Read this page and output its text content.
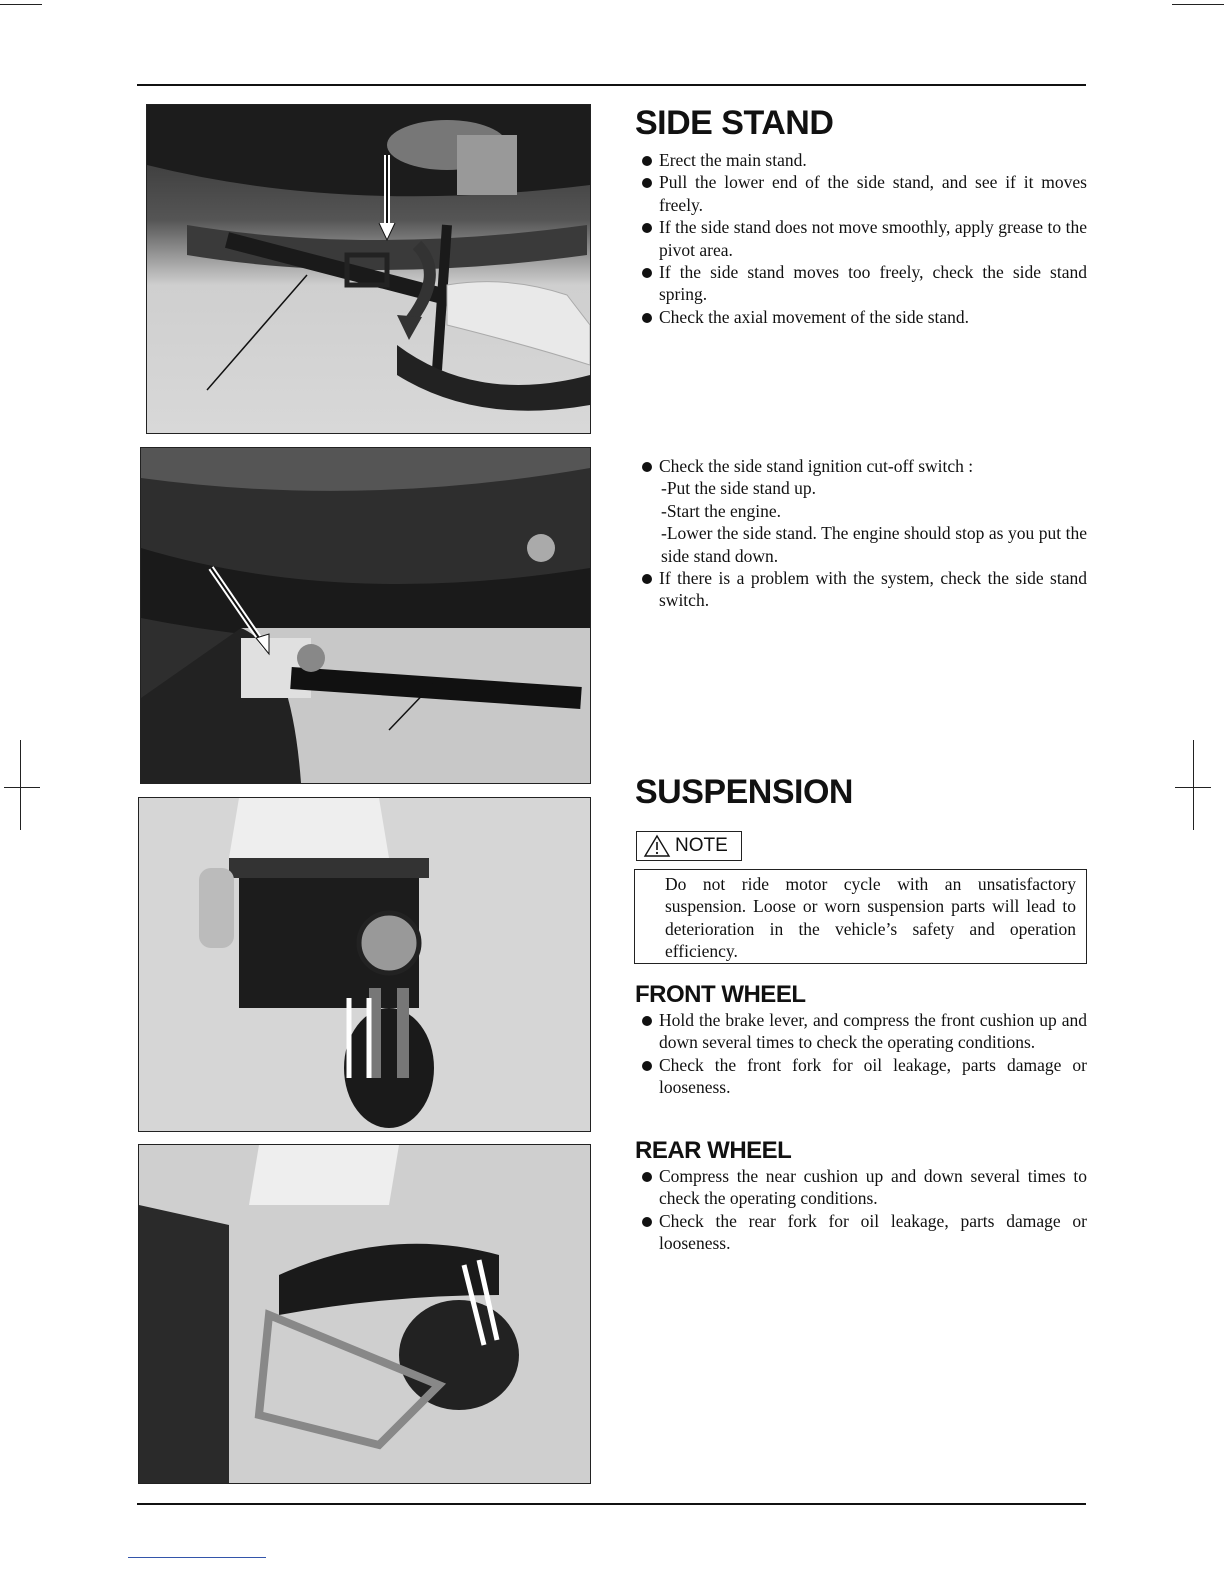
SIDE STAND
Erect the main stand.
Pull the lower end of the side stand, and see if it moves freely.
If the side stand does not move smoothly, apply grease to the pivot area.
If the side stand moves too freely, check the side stand spring.
Check the axial movement of the side stand.
Check the side stand ignition cut-off switch :
-Put the side stand up.
-Start the engine.
-Lower the side stand. The engine should stop as you put the side stand down.
If there is a problem with the system, check the side stand switch.
SUSPENSION
NOTE
Do not ride motor cycle with an unsatisfactory suspension. Loose or worn suspension parts will lead to deterioration in the vehicle’s safety and operation efficiency.
FRONT WHEEL
Hold the brake lever, and compress the front cushion up and down several times to check the operating conditions.
Check the front fork for oil leakage, parts damage or looseness.
REAR WHEEL
Compress the near cushion up and down several times to check the operating conditions.
Check the rear fork for oil leakage, parts damage or looseness.
